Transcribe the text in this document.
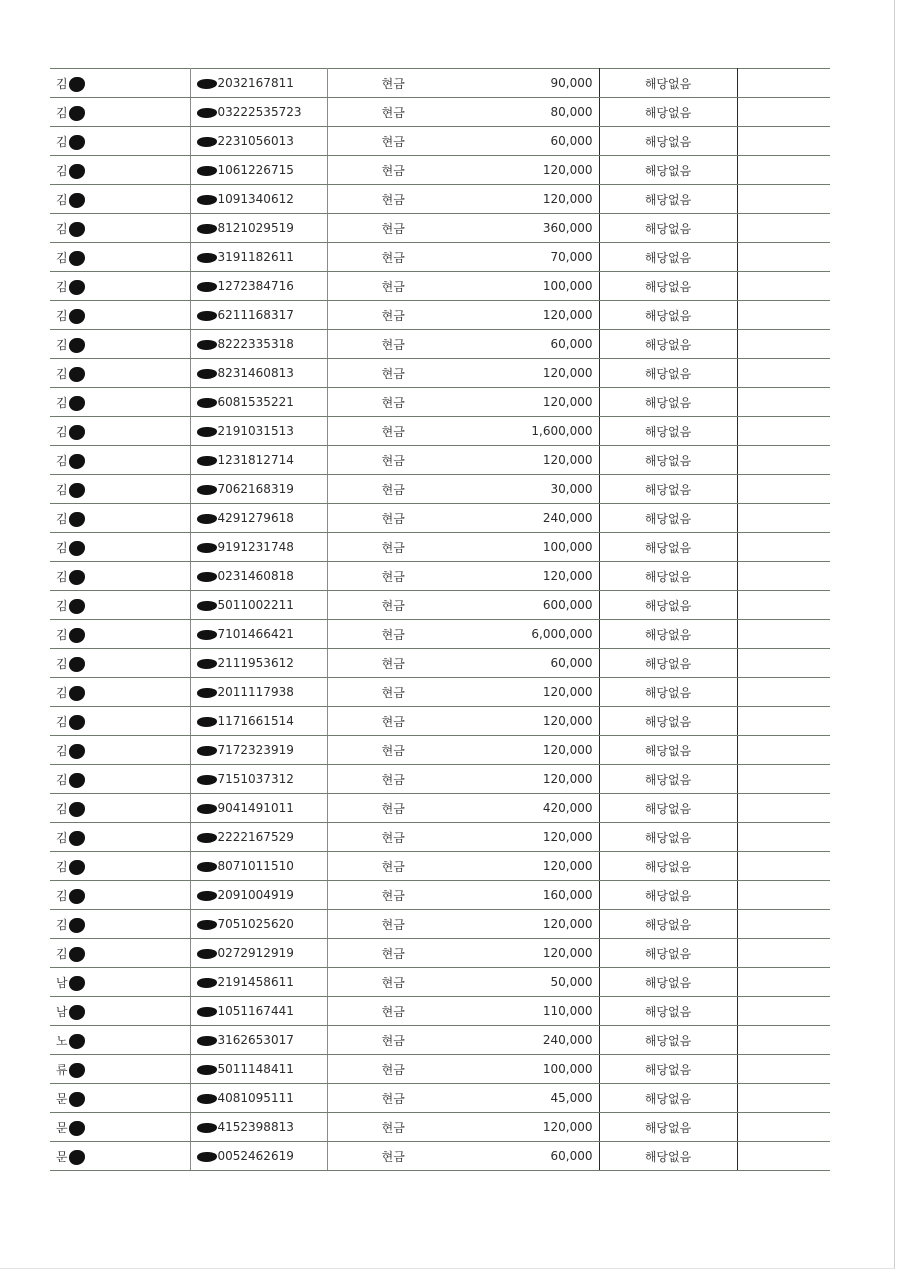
김	2032167811	현금	90,000	해당없음	
김	03222535723	현금	80,000	해당없음	
김	2231056013	현금	60,000	해당없음	
김	1061226715	현금	120,000	해당없음	
김	1091340612	현금	120,000	해당없음	
김	8121029519	현금	360,000	해당없음	
김	3191182611	현금	70,000	해당없음	
김	1272384716	현금	100,000	해당없음	
김	6211168317	현금	120,000	해당없음	
김	8222335318	현금	60,000	해당없음	
김	8231460813	현금	120,000	해당없음	
김	6081535221	현금	120,000	해당없음	
김	2191031513	현금	1,600,000	해당없음	
김	1231812714	현금	120,000	해당없음	
김	7062168319	현금	30,000	해당없음	
김	4291279618	현금	240,000	해당없음	
김	9191231748	현금	100,000	해당없음	
김	0231460818	현금	120,000	해당없음	
김	5011002211	현금	600,000	해당없음	
김	7101466421	현금	6,000,000	해당없음	
김	2111953612	현금	60,000	해당없음	
김	2011117938	현금	120,000	해당없음	
김	1171661514	현금	120,000	해당없음	
김	7172323919	현금	120,000	해당없음	
김	7151037312	현금	120,000	해당없음	
김	9041491011	현금	420,000	해당없음	
김	2222167529	현금	120,000	해당없음	
김	8071011510	현금	120,000	해당없음	
김	2091004919	현금	160,000	해당없음	
김	7051025620	현금	120,000	해당없음	
김	0272912919	현금	120,000	해당없음	
남	2191458611	현금	50,000	해당없음	
남	1051167441	현금	110,000	해당없음	
노	3162653017	현금	240,000	해당없음	
류	5011148411	현금	100,000	해당없음	
문	4081095111	현금	45,000	해당없음	
문	4152398813	현금	120,000	해당없음	
문	0052462619	현금	60,000	해당없음	
